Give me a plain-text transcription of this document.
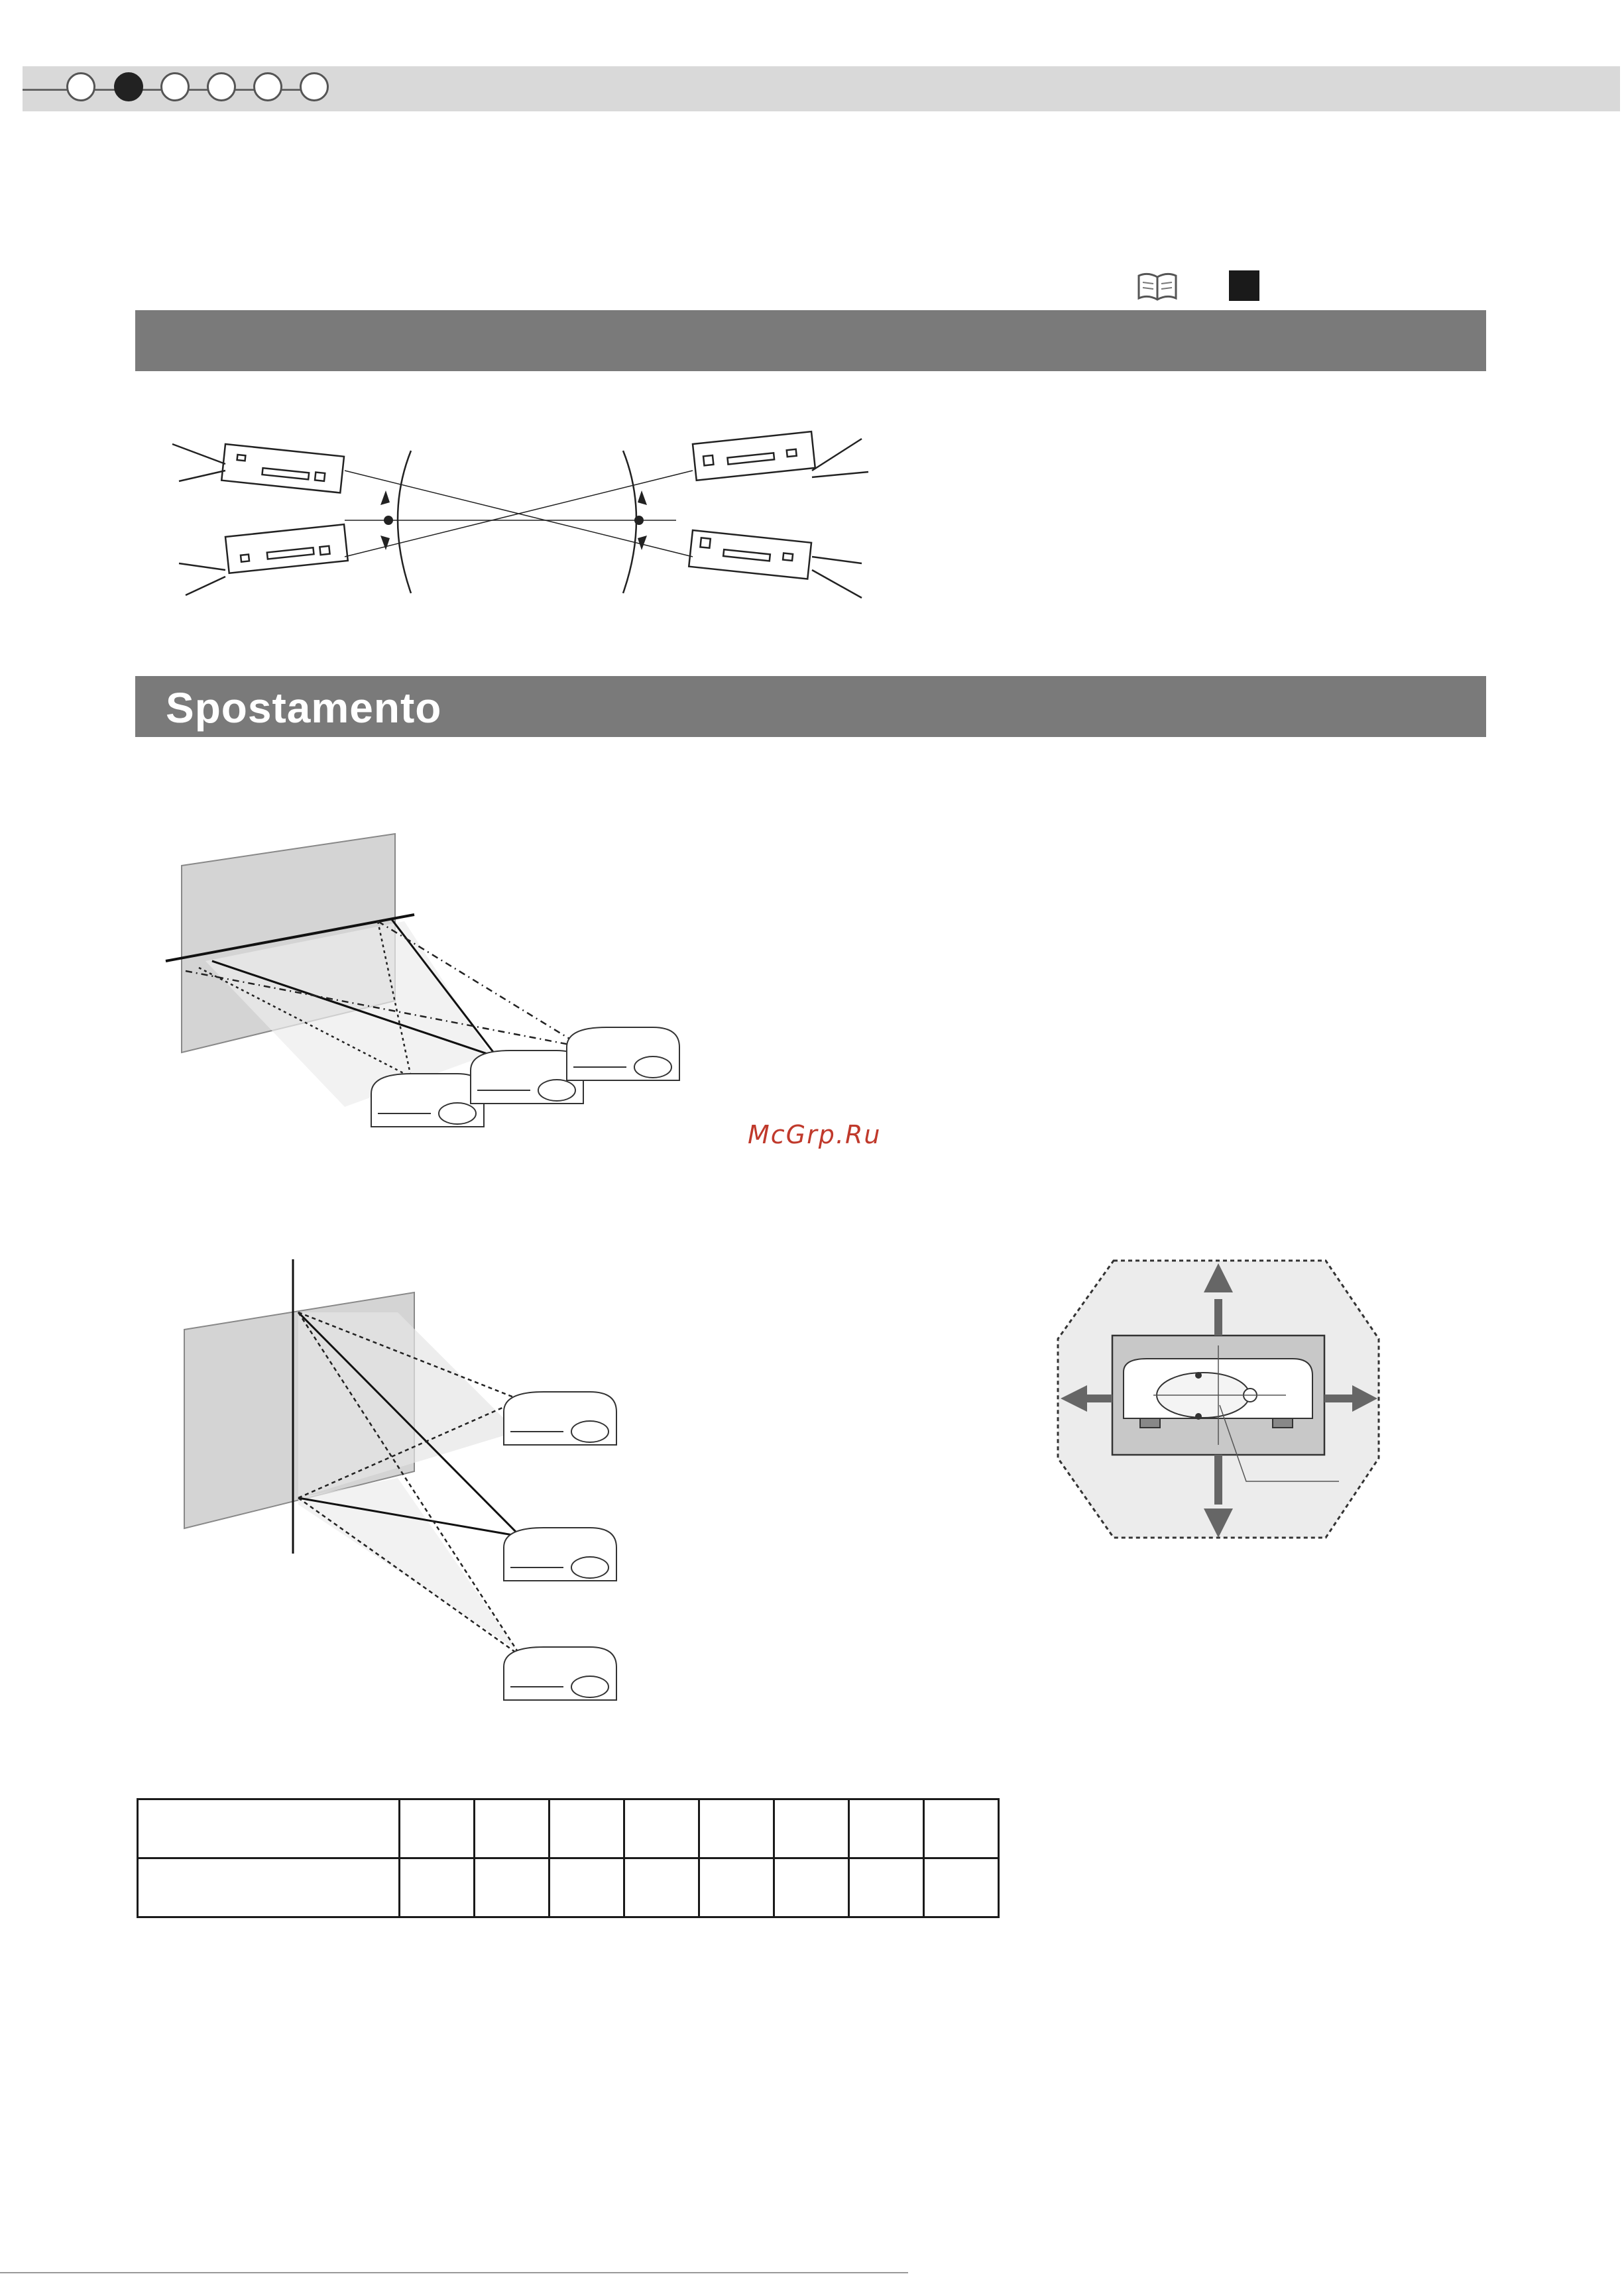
Spostamento
McGrp.Ru
